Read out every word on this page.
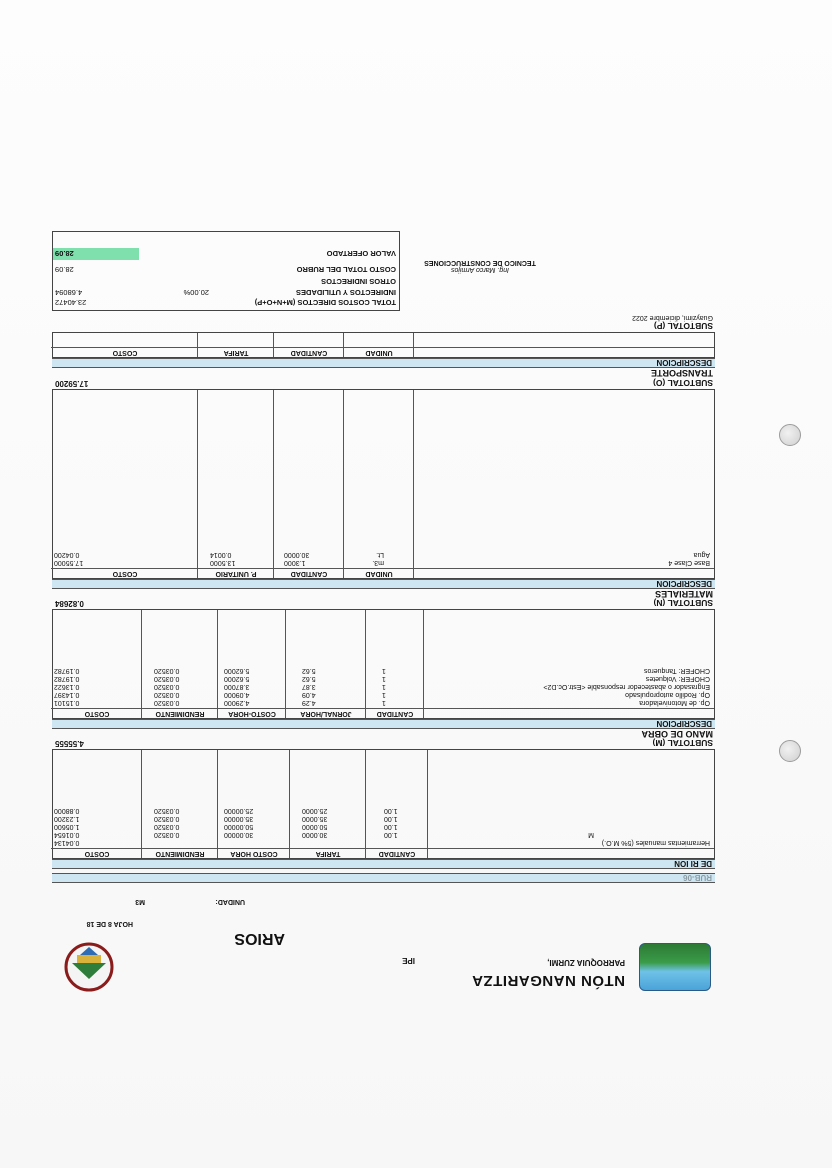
NTÓN NANGARITZA
PARROQUIA ZURMI,
IPE
ARIOS
HOJA 8 DE 18
UNIDAD:
M3
RUB-06
DE RI ION
CANTIDAD
TARIFA
COSTO HORA
RENDIMIENTO
COSTO
Herramientas manuales (5% M.O.)
0.04134
M
1.00
30.0000
30.00000
0.03520
0.01654
1.00
50.0000
50.00000
0.03520
1.05600
1.00
35.0000
35.00000
0.03520
1.23200
1.00
25.0000
25.00000
0.03520
0.88000
SUBTOTAL (M)
4.55555
MANO DE OBRA
DESCRIPCION
CANTIDAD
JORNAL/HORA
COSTO-HORA
RENDIMIENTO
COSTO
Op. de Motoniveladora
1
4.29
4.29000
0.03520
0.15101
Op. Rodillo autopropulsado
1
4.09
4.09000
0.03520
0.14397
Engrasador o abastecedor responsable <Estr.Oc.D2>
1
3.87
3.87000
0.03520
0.13622
CHOFER: Volquetes
1
5.62
5.62000
0.03520
0.19782
CHOFER: Tanqueros
1
5.62
5.62000
0.03520
0.19782
SUBTOTAL (N)
0.82684
MATERIALES
DESCRIPCION
UNIDAD
CANTIDAD
P. UNITARIO
COSTO
Base Clase 4
m3.
1.3000
13.5000
17.55000
Agua
Lt.
30.0000
0.0014
0.04200
SUBTOTAL (O)
17.59200
TRANSPORTE
DESCRIPCION
UNIDAD
CANTIDAD
TARIFA
COSTO
SUBTOTAL (P)
Guayzimi, diciembre 2022
Ing. Marco Armijos
TECNICO DE CONSTRUCCIONES
TOTAL COSTOS DIRECTOS (M+N+O+P)
23.40472
INDIRECTOS Y UTILIDADES
20.00%
4.68094
OTROS INDIRECTOS
COSTO TOTAL DEL RUBRO
28.09
VALOR OFERTADO
28.09
